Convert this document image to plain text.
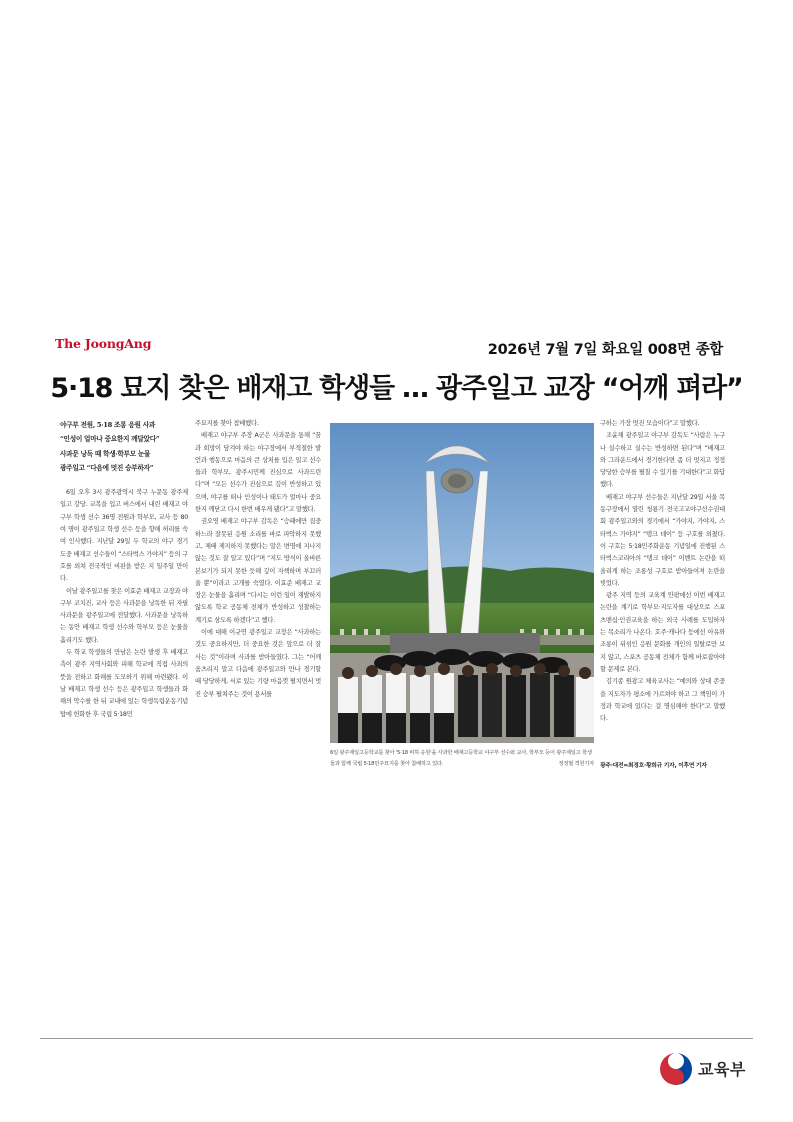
The JoongAng	2026년 7월 7일 화요일 008면 종합
5·18 묘지 찾은 배재고 학생들 … 광주일고 교장 “어깨 펴라”
야구부 전원, 5·18 조롱 응원 사과
“인성이 얼마나 중요한지 깨달았다”
사과문 낭독 때 학생·학부모 눈물
광주일고 “다음에 멋진 승부하자”

6일 오후 3시 광주광역시 북구 누문동 광주제일고 강당. 교복을 입고 버스에서 내린 배재고 야구부 학생 선수 36명 전원과 학부모, 교사 등 80여 명이 광주일고 학생 선수 등을 향해 허리를 숙여 인사했다. 지난달 29일 두 학교의 야구 경기 도중 배재고 선수들이 “스타벅스 가야지” 등의 구호를 외쳐 전국적인 비판을 받은 지 일주일 만이다.

이날 광주일고를 찾은 이효준 배재고 교장과 야구부 코치진, 교사 등은 사과문을 낭독한 뒤 자필 사과문을 광주일고에 전달했다. 사과문을 낭독하는 동안 배재고 학생 선수와 학부모 등은 눈물을 흘리기도 했다.

두 학교 학생들의 만남은 논란 발생 후 배재고 측이 광주 지역사회와 피해 학교에 직접 사죄의 뜻을 전하고 화해를 도모하기 위해 마련됐다. 이날 배재고 학생 선수 등은 광주일고 학생들과 화해의 악수를 한 뒤 교내에 있는 학생독립운동기념탑에 헌화한 후 국립 5·18민

주묘지를 찾아 참배했다.

배재고 야구부 주장 A군은 사과문을 통해 “꿈과 희망이 담겨야 하는 야구장에서 부적절한 발언과 행동으로 마음의 큰 상처를 입은 일고 선수들과 학부모, 광주시민께 진심으로 사과드린다”며 “모든 선수가 진심으로 깊이 반성하고 있으며, 야구를 떠나 인성이나 태도가 얼마나 중요한지 깨닫고 다시 한번 배우게 됐다”고 말했다.

권오영 배재고 야구부 감독은 “승패에만 집중하느라 잘못된 응원 소리를 바로 파악하지 못했고, 제때 제지하지 못했다는 말은 변명에 지나지 않는 것도 잘 알고 있다”며 “지도 방식이 올바른 본보기가 되지 못한 듯해 깊이 자책하며 부끄러울 뿐”이라고 고개를 숙였다. 이효준 배재고 교장은 눈물을 흘리며 “다시는 이런 일이 재발하지 않도록 학교 공동체 전체가 반성하고 성찰하는 계기로 삼도록 하겠다”고 했다.

이에 대해 이규연 광주일고 교장은 “사과하는 것도 중요하지만, 더 중요한 것은 앞으로 더 잘 사는 것”이라며 사과를 받아들였다. 그는 “어깨 움츠리지 말고 다음에 광주일고와 만나 경기할 때 당당하게, 서로 있는 기량 마음껏 펼치면서 멋진 승부 펼쳐주는 것이 용서를

6일 광주제일고등학교를 찾아 '5·18 비하 응원'을 사과한 배재고등학교 야구부 선수와 교사, 학부모 등이 광주제일고 학생들과 함께 국립 5·18민주묘지를 찾아 참배하고 있다.	정정필 객원기자

구하는 가장 멋진 모습이다”고 말했다.

조윤채 광주일고 야구부 감독도 “사람은 누구나 실수하고 실수는 반성하면 된다”며 “배재고와 그라운드에서 경기한다면 좀 더 멋지고 정정당당한 승부를 펼칠 수 있기를 기대한다”고 화답했다.

배재고 야구부 선수들은 지난달 29일 서울 목동구장에서 열린 청룡기 전국고교야구선수권대회 광주일고와의 경기에서 “가야지, 가야지, 스타벅스 가야지” “탱크 데이” 등 구호를 외쳤다. 이 구호는 5·18민주화운동 기념일에 진행된 스타벅스코리아의 “탱크 데이” 이벤트 논란을 떠올리게 하는 조롱성 구호로 받아들여져 논란을 빚었다.

광주 지역 등의 교육계 안팎에선 이번 배재고 논란을 계기로 학부모·지도자를 대상으로 스포츠맨십·인권교육을 하는 외국 사례를 도입하자는 목소리가 나온다. 호주·캐나다 등에선 아유와 조롱이 뒤섞인 응원 문화를 개인의 일탈로만 보지 않고, 스포츠 공동체 전체가 함께 바로잡아야 할 문제로 본다.

김기종 원광고 체육교사는 “예의와 상대 존중을 지도자가 평소에 가르쳐야 하고 그 책임이 가정과 학교에 있다는 걸 명심해야 한다”고 말했다.

광주·대전=최경호·황희규 기자, 이후연 기자
교육부
